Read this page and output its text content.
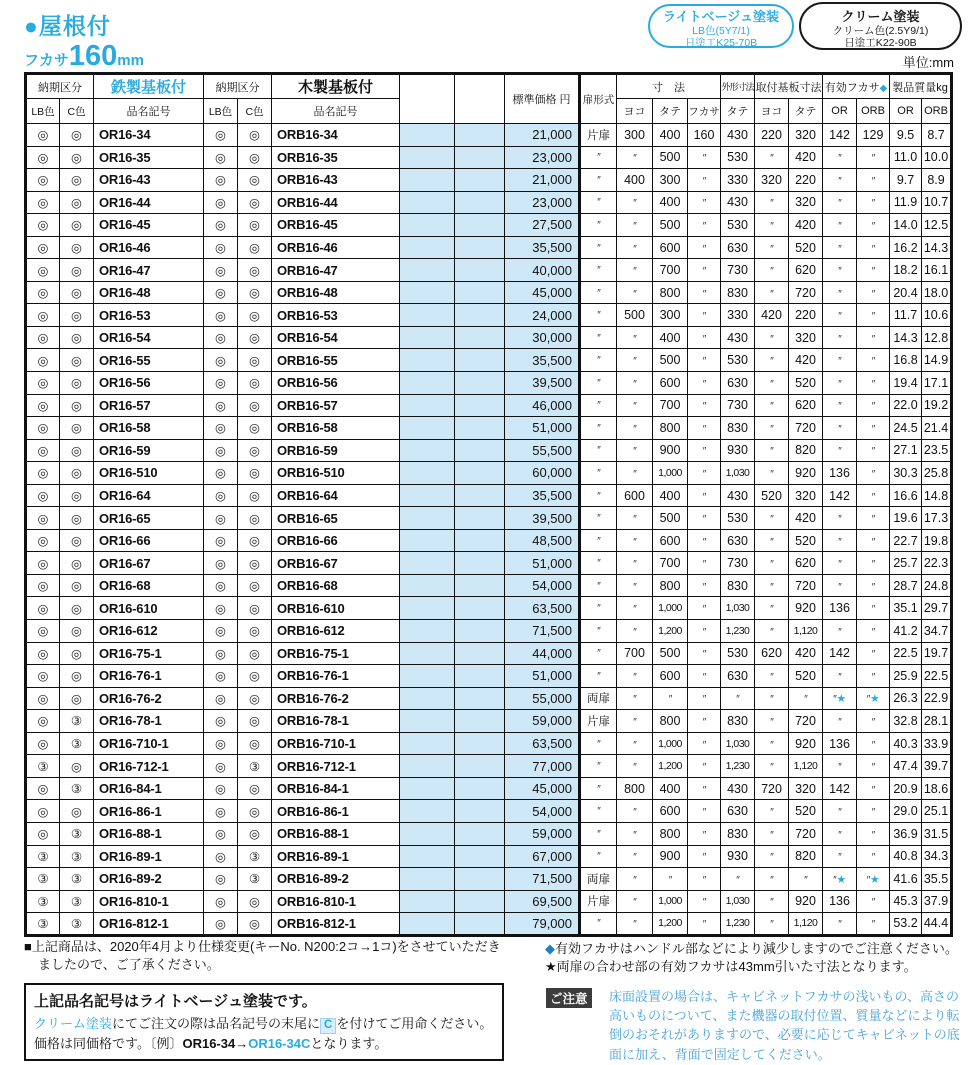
●屋根付
フカサ 160 mm
ライトベージュ塗装
LB色(5Y7/1)
日塗工K25-70B
クリーム塗装
クリーム色(2.5Y9/1)
日塗工K22-90B
単位:mm
納期区分		鉄製基板付	納期区分		木製基板付			標準価格 円	扉形式	寸　法			外形寸法	取付基板寸法		有効フカサ◆		製品質量kg	
LB色	C色	品名記号	LB色	C色	品名記号					ヨコ	タテ	フカサ	タテ	ヨコ	タテ	OR	ORB	OR	ORB
◎	◎	OR16-34	◎	◎	ORB16-34			21,000	片扉	300	400	160	430	220	320	142	129	9.5	8.7
◎	◎	OR16-35	◎	◎	ORB16-35			23,000	″	″	500	″	530	″	420	″	″	11.0	10.0
◎	◎	OR16-43	◎	◎	ORB16-43			21,000	″	400	300	″	330	320	220	″	″	9.7	8.9
◎	◎	OR16-44	◎	◎	ORB16-44			23,000	″	″	400	″	430	″	320	″	″	11.9	10.7
◎	◎	OR16-45	◎	◎	ORB16-45			27,500	″	″	500	″	530	″	420	″	″	14.0	12.5
◎	◎	OR16-46	◎	◎	ORB16-46			35,500	″	″	600	″	630	″	520	″	″	16.2	14.3
◎	◎	OR16-47	◎	◎	ORB16-47			40,000	″	″	700	″	730	″	620	″	″	18.2	16.1
◎	◎	OR16-48	◎	◎	ORB16-48			45,000	″	″	800	″	830	″	720	″	″	20.4	18.0
◎	◎	OR16-53	◎	◎	ORB16-53			24,000	″	500	300	″	330	420	220	″	″	11.7	10.6
◎	◎	OR16-54	◎	◎	ORB16-54			30,000	″	″	400	″	430	″	320	″	″	14.3	12.8
◎	◎	OR16-55	◎	◎	ORB16-55			35,500	″	″	500	″	530	″	420	″	″	16.8	14.9
◎	◎	OR16-56	◎	◎	ORB16-56			39,500	″	″	600	″	630	″	520	″	″	19.4	17.1
◎	◎	OR16-57	◎	◎	ORB16-57			46,000	″	″	700	″	730	″	620	″	″	22.0	19.2
◎	◎	OR16-58	◎	◎	ORB16-58			51,000	″	″	800	″	830	″	720	″	″	24.5	21.4
◎	◎	OR16-59	◎	◎	ORB16-59			55,500	″	″	900	″	930	″	820	″	″	27.1	23.5
◎	◎	OR16-510	◎	◎	ORB16-510			60,000	″	″	1,000	″	1,030	″	920	136	″	30.3	25.8
◎	◎	OR16-64	◎	◎	ORB16-64			35,500	″	600	400	″	430	520	320	142	″	16.6	14.8
◎	◎	OR16-65	◎	◎	ORB16-65			39,500	″	″	500	″	530	″	420	″	″	19.6	17.3
◎	◎	OR16-66	◎	◎	ORB16-66			48,500	″	″	600	″	630	″	520	″	″	22.7	19.8
◎	◎	OR16-67	◎	◎	ORB16-67			51,000	″	″	700	″	730	″	620	″	″	25.7	22.3
◎	◎	OR16-68	◎	◎	ORB16-68			54,000	″	″	800	″	830	″	720	″	″	28.7	24.8
◎	◎	OR16-610	◎	◎	ORB16-610			63,500	″	″	1,000	″	1,030	″	920	136	″	35.1	29.7
◎	◎	OR16-612	◎	◎	ORB16-612			71,500	″	″	1,200	″	1,230	″	1,120	″	″	41.2	34.7
◎	◎	OR16-75-1	◎	◎	ORB16-75-1			44,000	″	700	500	″	530	620	420	142	″	22.5	19.7
◎	◎	OR16-76-1	◎	◎	ORB16-76-1			51,000	″	″	600	″	630	″	520	″	″	25.9	22.5
◎	◎	OR16-76-2	◎	◎	ORB16-76-2			55,000	両扉	″	″	″	″	″	″	″★	″★	26.3	22.9
◎	③	OR16-78-1	◎	◎	ORB16-78-1			59,000	片扉	″	800	″	830	″	720	″	″	32.8	28.1
◎	③	OR16-710-1	◎	◎	ORB16-710-1			63,500	″	″	1,000	″	1,030	″	920	136	″	40.3	33.9
③	◎	OR16-712-1	◎	③	ORB16-712-1			77,000	″	″	1,200	″	1,230	″	1,120	″	″	47.4	39.7
◎	③	OR16-84-1	◎	◎	ORB16-84-1			45,000	″	800	400	″	430	720	320	142	″	20.9	18.6
◎	◎	OR16-86-1	◎	◎	ORB16-86-1			54,000	″	″	600	″	630	″	520	″	″	29.0	25.1
◎	③	OR16-88-1	◎	◎	ORB16-88-1			59,000	″	″	800	″	830	″	720	″	″	36.9	31.5
③	③	OR16-89-1	◎	③	ORB16-89-1			67,000	″	″	900	″	930	″	820	″	″	40.8	34.3
③	③	OR16-89-2	◎	③	ORB16-89-2			71,500	両扉	″	″	″	″	″	″	″★	″★	41.6	35.5
③	③	OR16-810-1	◎	◎	ORB16-810-1			69,500	片扉	″	1,000	″	1,030	″	920	136	″	45.3	37.9
③	③	OR16-812-1	◎	◎	ORB16-812-1			79,000	″	″	1,200	″	1,230	″	1,120	″	″	53.2	44.4
■上記商品は、2020年4月より仕様変更(キーNo. N200:2コ→1コ)をさせていただき
ましたので、ご了承ください。
◆有効フカサはハンドル部などにより減少しますのでご注意ください。
★両扉の合わせ部の有効フカサは43mm引いた寸法となります。
上記品名記号はライトベージュ塗装です。
クリーム塗装にてご注文の際は品名記号の末尾に C を付けてご用命ください。
価格は同価格です。〔例〕OR16-34→OR16-34Cとなります。
ご注意	床面設置の場合は、キャビネットフカサの浅いもの、高さの高いものについて、また機器の取付位置、質量などにより転倒のおそれがありますので、必要に応じてキャビネットの底面に加え、背面で固定してください。
